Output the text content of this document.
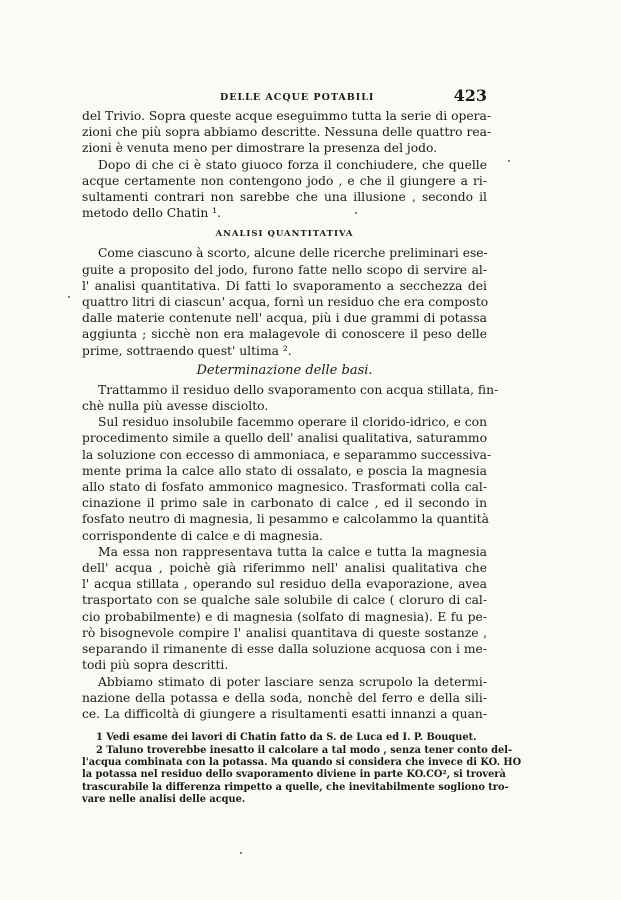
DELLE ACQUE POTABILI	423

del Trivio. Sopra queste acque eseguimmo tutta la serie di opera-
zioni che più sopra abbiamo descritte. Nessuna delle quattro rea-
zioni è venuta meno per dimostrare la presenza del jodo.

Dopo di che ci è stato giuoco forza il conchiudere, che quelle
acque certamente non contengono jodo , e che il giungere a ri-
sultamenti contrari non sarebbe che una illusione , secondo il
metodo dello Chatin ¹.

ANALISI QUANTITATIVA

Come ciascuno à scorto, alcune delle ricerche preliminari ese-
guite a proposito del jodo, furono fatte nello scopo di servire al-
l' analisi quantitativa. Di fatti lo svaporamento a secchezza dei
quattro litri di ciascun' acqua, fornì un residuo che era composto
dalle materie contenute nell' acqua, più i due grammi di potassa
aggiunta ; sicchè non era malagevole di conoscere il peso delle
prime, sottraendo quest' ultima ².

Determinazione delle basi.

Trattammo il residuo dello svaporamento con acqua stillata, fin-
chè nulla più avesse disciolto.

Sul residuo insolubile facemmo operare il clorido-idrico, e con
procedimento simile a quello dell' analisi qualitativa, saturammo
la soluzione con eccesso di ammoniaca, e separammo successiva-
mente prima la calce allo stato di ossalato, e poscia la magnesia
allo stato di fosfato ammonico magnesico. Trasformati colla cal-
cinazione il primo sale in carbonato di calce , ed il secondo in
fosfato neutro di magnesia, li pesammo e calcolammo la quantità
corrispondente di calce e di magnesia.

Ma essa non rappresentava tutta la calce e tutta la magnesia
dell' acqua , poichè già riferimmo nell' analisi qualitativa che
l' acqua stillata , operando sul residuo della evaporazione, avea
trasportato con se qualche sale solubile di calce ( cloruro di cal-
cio probabilmente) e di magnesia (solfato di magnesia). E fu pe-
rò bisognevole compire l' analisi quantitava di queste sostanze ,
separando il rimanente di esse dalla soluzione acquosa con i me-
todi più sopra descritti.

Abbiamo stimato di poter lasciare senza scrupolo la determi-
nazione della potassa e della soda, nonchè del ferro e della sili-
ce. La difficoltà di giungere a risultamenti esatti innanzi a quan-

1 Vedi esame dei lavori di Chatin fatto da S. de Luca ed I. P. Bouquet.
2 Taluno troverebbe inesatto il calcolare a tal modo , senza tener conto del-
l'acqua combinata con la potassa. Ma quando si considera che invece di KO. HO
la potassa nel residuo dello svaporamento diviene in parte KO.CO², si troverà
trascurabile la differenza rimpetto a quelle, che inevitabilmente sogliono tro-
vare nelle analisi delle acque.
